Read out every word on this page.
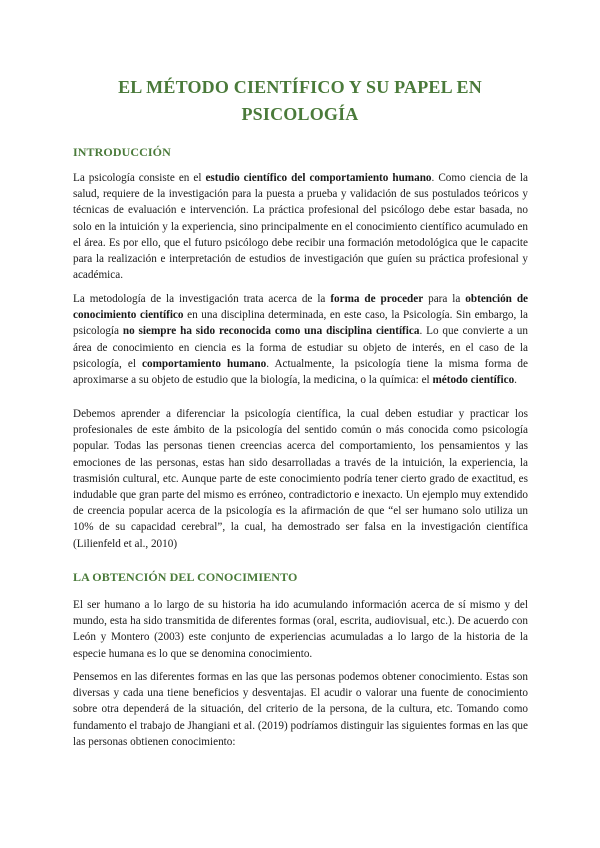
EL MÉTODO CIENTÍFICO Y SU PAPEL EN PSICOLOGÍA
INTRODUCCIÓN

La psicología consiste en el estudio científico del comportamiento humano. Como ciencia de la salud, requiere de la investigación para la puesta a prueba y validación de sus postulados teóricos y técnicas de evaluación e intervención. La práctica profesional del psicólogo debe estar basada, no solo en la intuición y la experiencia, sino principalmente en el conocimiento científico acumulado en el área. Es por ello, que el futuro psicólogo debe recibir una formación metodológica que le capacite para la realización e interpretación de estudios de investigación que guíen su práctica profesional y académica.

La metodología de la investigación trata acerca de la forma de proceder para la obtención de conocimiento científico en una disciplina determinada, en este caso, la Psicología. Sin embargo, la psicología no siempre ha sido reconocida como una disciplina científica. Lo que convierte a un área de conocimiento en ciencia es la forma de estudiar su objeto de interés, en el caso de la psicología, el comportamiento humano. Actualmente, la psicología tiene la misma forma de aproximarse a su objeto de estudio que la biología, la medicina, o la química: el método científico.

Debemos aprender a diferenciar la psicología científica, la cual deben estudiar y practicar los profesionales de este ámbito de la psicología del sentido común o más conocida como psicología popular. Todas las personas tienen creencias acerca del comportamiento, los pensamientos y las emociones de las personas, estas han sido desarrolladas a través de la intuición, la experiencia, la trasmisión cultural, etc. Aunque parte de este conocimiento podría tener cierto grado de exactitud, es indudable que gran parte del mismo es erróneo, contradictorio e inexacto. Un ejemplo muy extendido de creencia popular acerca de la psicología es la afirmación de que “el ser humano solo utiliza un 10% de su capacidad cerebral”, la cual, ha demostrado ser falsa en la investigación científica (Lilienfeld et al., 2010)

LA OBTENCIÓN DEL CONOCIMIENTO

El ser humano a lo largo de su historia ha ido acumulando información acerca de sí mismo y del mundo, esta ha sido transmitida de diferentes formas (oral, escrita, audiovisual, etc.). De acuerdo con León y Montero (2003) este conjunto de experiencias acumuladas a lo largo de la historia de la especie humana es lo que se denomina conocimiento.

Pensemos en las diferentes formas en las que las personas podemos obtener conocimiento. Estas son diversas y cada una tiene beneficios y desventajas. El acudir o valorar una fuente de conocimiento sobre otra dependerá de la situación, del criterio de la persona, de la cultura, etc. Tomando como fundamento el trabajo de Jhangiani et al. (2019) podríamos distinguir las siguientes formas en las que las personas obtienen conocimiento:
